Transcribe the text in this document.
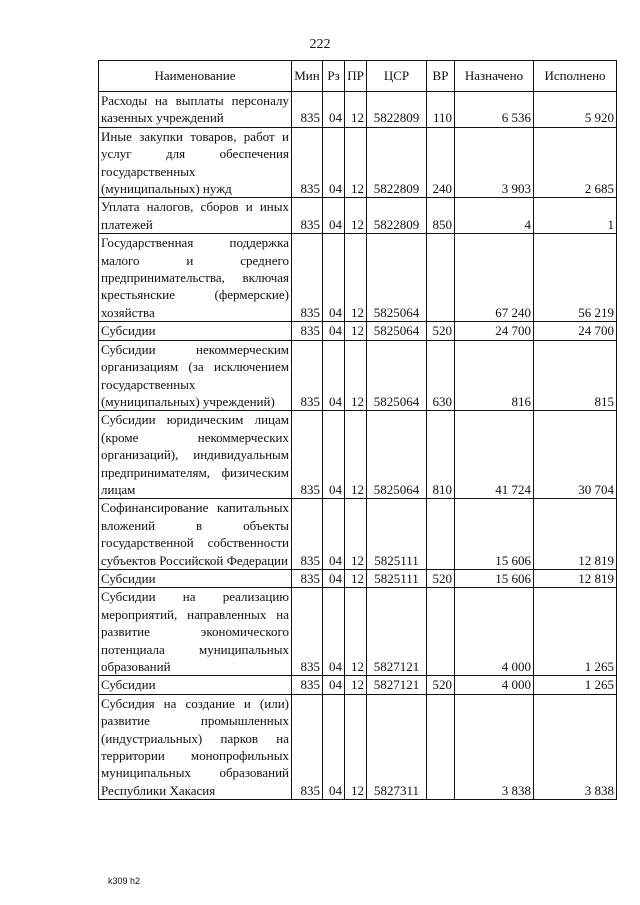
222
Наименование	Мин	Рз	ПР	ЦСР	ВР	Назначено	Исполнено
Расходы на выплаты персоналу казенных учреждений	835	04	12	5822809	110	6 536	5 920
Иные закупки товаров, работ и услуг для обеспечения государственных (муниципальных) нужд	835	04	12	5822809	240	3 903	2 685
Уплата налогов, сборов и иных платежей	835	04	12	5822809	850	4	1
Государственная поддержка малого и среднего предпринимательства, включая крестьянские (фермерские) хозяйства	835	04	12	5825064		67 240	56 219
Субсидии	835	04	12	5825064	520	24 700	24 700
Субсидии некоммерческим организациям (за исключением государственных (муниципальных) учреждений)	835	04	12	5825064	630	816	815
Субсидии юридическим лицам (кроме некоммерческих организаций), индивидуальным предпринимателям, физическим лицам	835	04	12	5825064	810	41 724	30 704
Софинансирование капитальных вложений в объекты государственной собственности субъектов Российской Федерации	835	04	12	5825111		15 606	12 819
Субсидии	835	04	12	5825111	520	15 606	12 819
Субсидии на реализацию мероприятий, направленных на развитие экономического потенциала муниципальных образований	835	04	12	5827121		4 000	1 265
Субсидии	835	04	12	5827121	520	4 000	1 265
Субсидия на создание и (или) развитие промышленных (индустриальных) парков на территории монопрофильных муниципальных образований Республики Хакасия	835	04	12	5827311		3 838	3 838
k309 h2
